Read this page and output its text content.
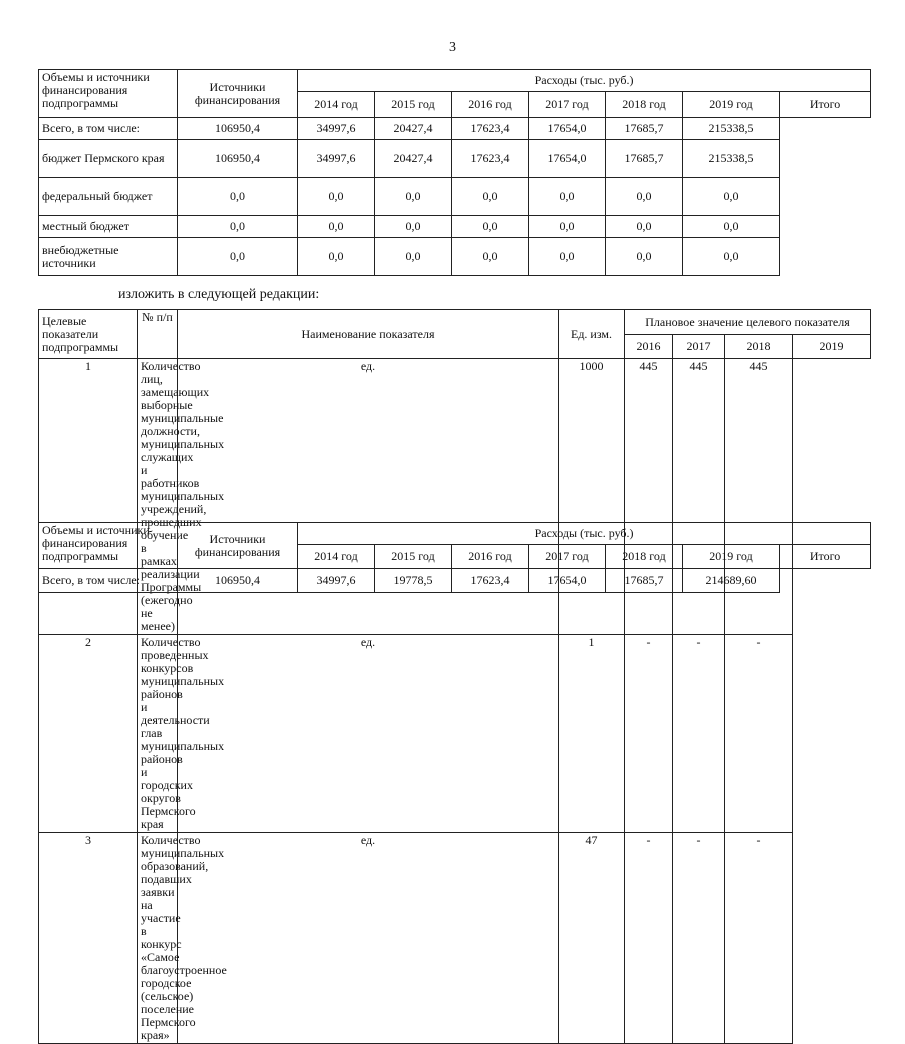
3
Объемы и источники финансирования подпрограммы	Источники финансирования	Расходы (тыс. руб.)						
		2014 год	2015 год	2016 год	2017 год	2018 год	2019 год	Итого
Всего, в том числе:	106950,4	34997,6	20427,4	17623,4	17654,0	17685,7	215338,5	
бюджет Пермского края	106950,4	34997,6	20427,4	17623,4	17654,0	17685,7	215338,5	
федеральный бюджет	0,0	0,0	0,0	0,0	0,0	0,0	0,0	
местный бюджет	0,0	0,0	0,0	0,0	0,0	0,0	0,0	
внебюджетные источники	0,0	0,0	0,0	0,0	0,0	0,0	0,0	
изложить в следующей редакции:
Целевые показатели подпрограммы	№ п/п	Наименование показателя	Ед. изм.	Плановое значение целевого показателя			
				2016	2017	2018	2019
1	Количество лиц, замещающих выборные муниципальные должности, муниципальных служащих и работников муниципальных учреждений, прошедших обучение в рамках реализации Программы (ежегодно не менее)	ед.	1000	445	445	445	
2	Количество проведенных конкурсов муниципальных районов и деятельности глав муниципальных районов и городских округов Пермского края	ед.	1	-	-	-	
3	Количество муниципальных образований, подавших заявки на участие в конкурс «Самое благоустроенное городское (сельское) поселение Пермского края»	ед.	47	-	-	-	
Объемы и источники финансирования подпрограммы	Источники финансирования	Расходы (тыс. руб.)						
		2014 год	2015 год	2016 год	2017 год	2018 год	2019 год	Итого
Всего, в том числе:	106950,4	34997,6	19778,5	17623,4	17654,0	17685,7	214689,60	
